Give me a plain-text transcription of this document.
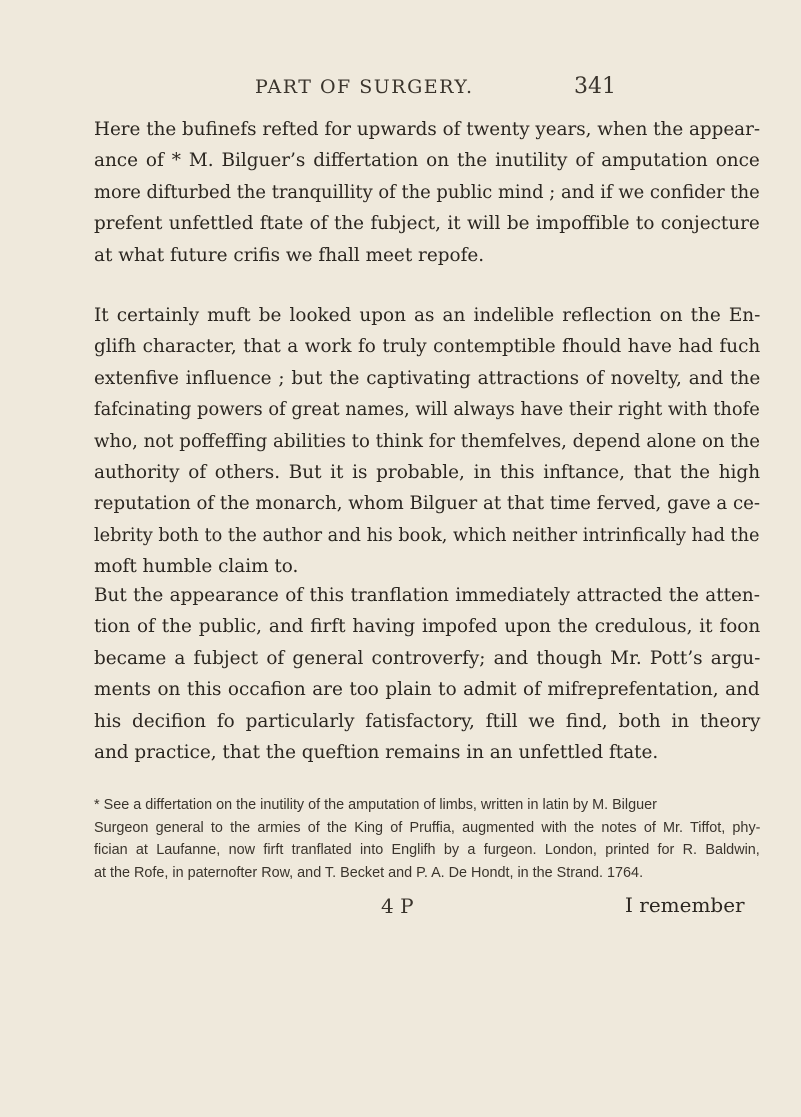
PART OF SURGERY.	341

Here the bufinefs refted for upwards of twenty years, when the appear-
ance of * M. Bilguer’s differtation on the inutility of amputation once
more difturbed the tranquillity of the public mind ; and if we confider the
prefent unfettled ftate of the fubject, it will be impoffible to conjecture
at what future crifis we fhall meet repofe.

It certainly muft be looked upon as an indelible reflection on the En-
glifh character, that a work fo truly contemptible fhould have had fuch
extenfive influence ; but the captivating attractions of novelty, and the
fafcinating powers of great names, will always have their right with thofe
who, not poffeffing abilities to think for themfelves, depend alone on the
authority of others. But it is probable, in this inftance, that the high
reputation of the monarch, whom Bilguer at that time ferved, gave a ce-
lebrity both to the author and his book, which neither intrinfically had the
moft humble claim to.

But the appearance of this tranflation immediately attracted the atten-
tion of the public, and firft having impofed upon the credulous, it foon
became a fubject of general controverfy; and though Mr. Pott’s argu-
ments on this occafion are too plain to admit of mifreprefentation, and
his decifion fo particularly fatisfactory, ftill we find, both in theory
and practice, that the queftion remains in an unfettled ftate.

* See a differtation on the inutility of the amputation of limbs, written in latin by M. Bilguer
Surgeon general to the armies of the King of Pruffia, augmented with the notes of Mr. Tiffot, phy-
fician at Laufanne, now firft tranflated into Englifh by a furgeon. London, printed for R. Baldwin,
at the Rofe, in paternofter Row, and T. Becket and P. A. De Hondt, in the Strand. 1764.

4 P	I remember
